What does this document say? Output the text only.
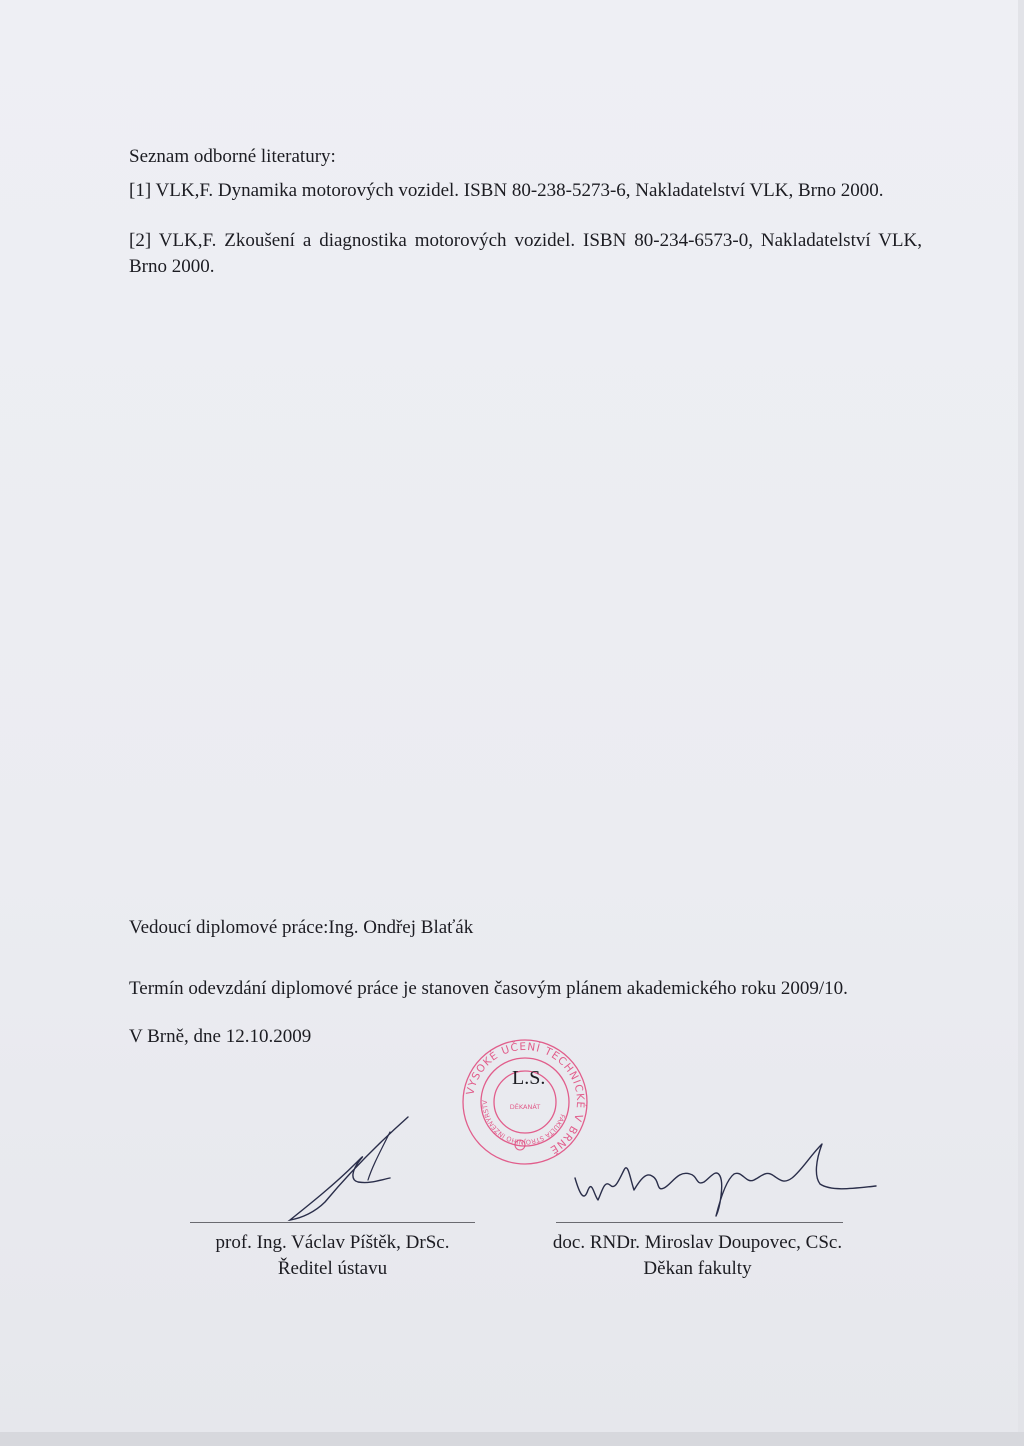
Seznam odborné literatury:
[1] VLK,F. Dynamika motorových vozidel. ISBN 80-238-5273-6, Nakladatelství VLK, Brno 2000.
[2] VLK,F. Zkoušení a diagnostika motorových vozidel. ISBN 80-234-6573-0, Nakladatelství VLK, Brno 2000.
Vedoucí diplomové práce:Ing. Ondřej Blaťák
Termín odevzdání diplomové práce je stanoven časovým plánem akademického roku 2009/10.
V Brně, dne 12.10.2009
VYSOKÉ UČENÍ TECHNICKÉ V BRNĚ
FAKULTA STROJNÍHO INŽENÝRSTV
DĚKANÁT
L.S.
prof. Ing. Václav Píštěk, DrSc.
Ředitel ústavu
doc. RNDr. Miroslav Doupovec, CSc.
Děkan fakulty
